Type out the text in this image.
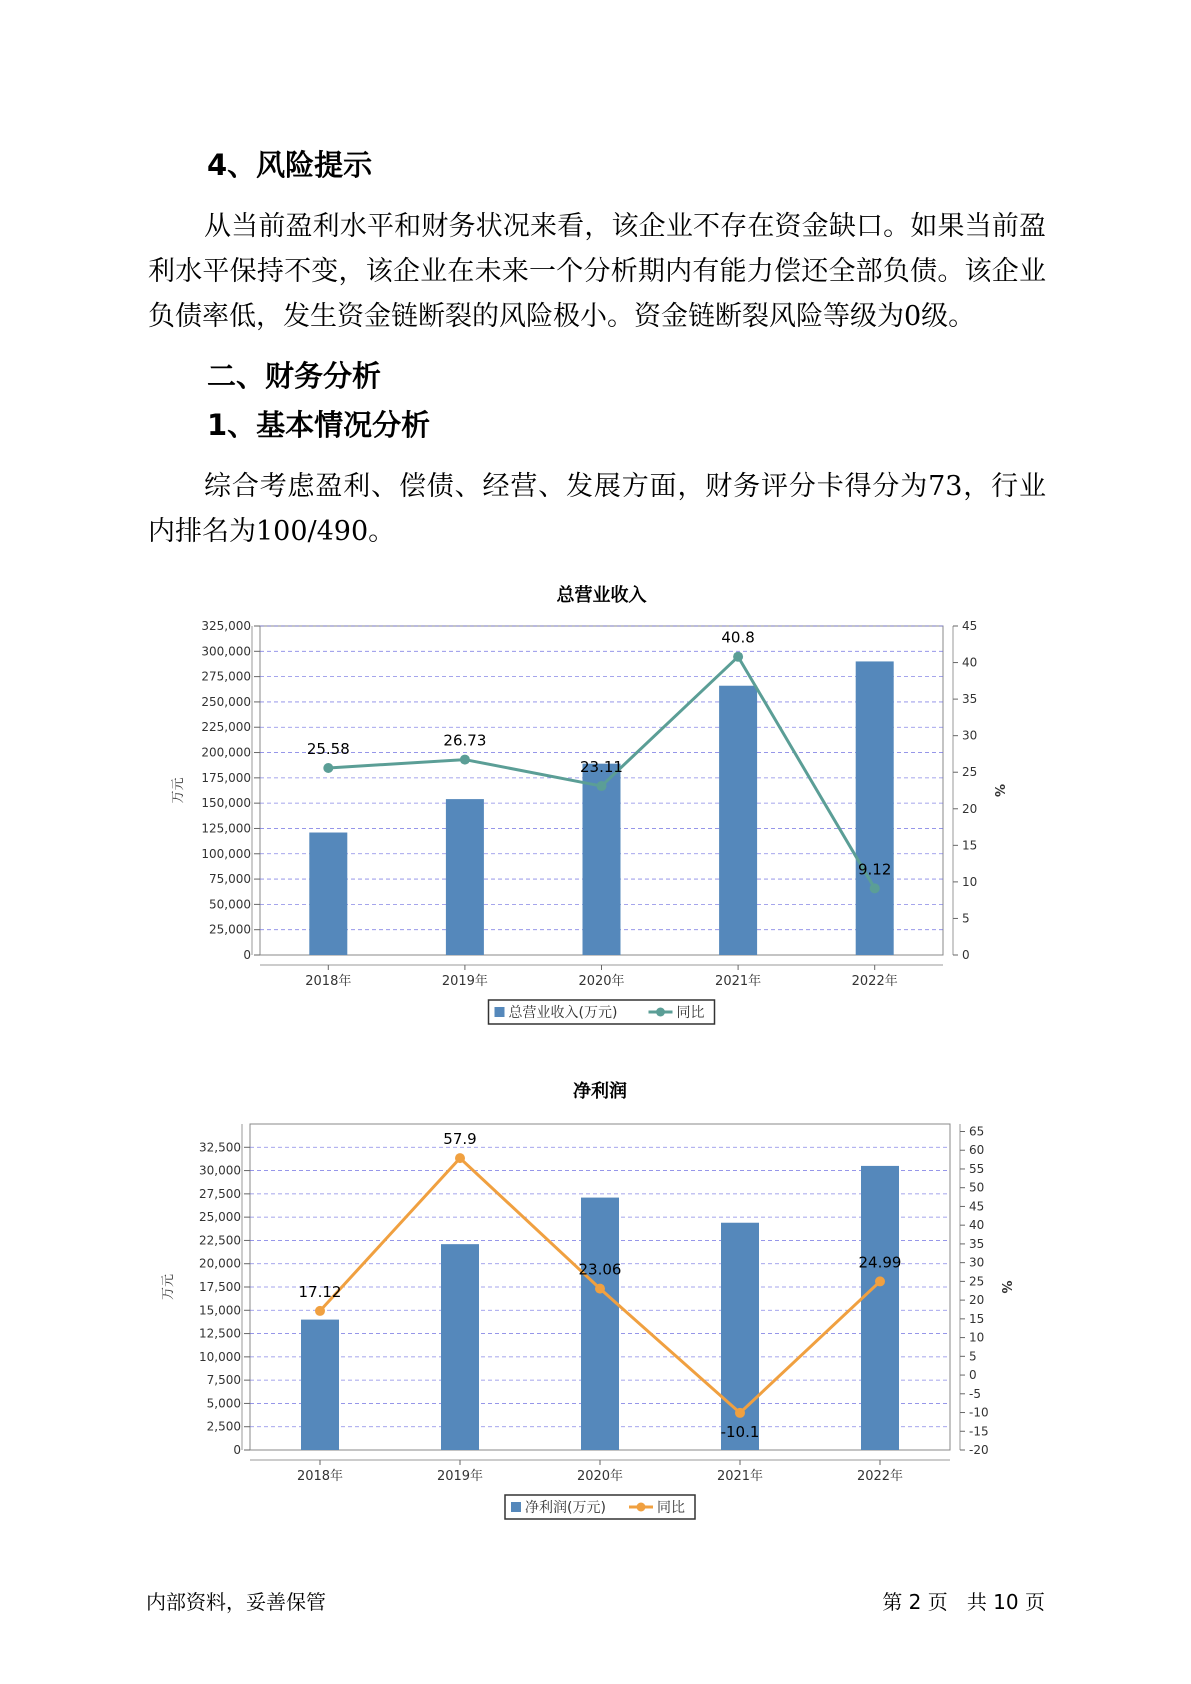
4、风险提示

从当前盈利水平和财务状况来看，该企业不存在资金缺口。如果当前盈利水平保持不变，该企业在未来一个分析期内有能力偿还全部负债。该企业负债率低，发生资金链断裂的风险极小。资金链断裂风险等级为0级。

二、财务分析
1、基本情况分析

综合考虑盈利、偿债、经营、发展方面，财务评分卡得分为73，行业内排名为100/490。

总营业收入
0
25,000
50,000
75,000
100,000
125,000
150,000
175,000
200,000
225,000
250,000
275,000
300,000
325,000
0
5
10
15
20
25
30
35
40
45
万元	%
2018年	2019年	2020年	2021年	2022年
25.58	26.73
23.11
40.8
9.12
总营业收入(万元)	同比
净利润
0
2,500
5,000
7,500
10,000
12,500
15,000
17,500
20,000
22,500
25,000
27,500
30,000
32,500
-20
-15
-10
-5
0
5
10
15
20
25
30
35
40
45
50
55
60
65
万元	%
2018年	2019年	2020年	2021年	2022年
17.12
57.9
23.06
-10.1
24.99
净利润(万元)	同比
内部资料，妥善保管	第 2 页   共 10 页
